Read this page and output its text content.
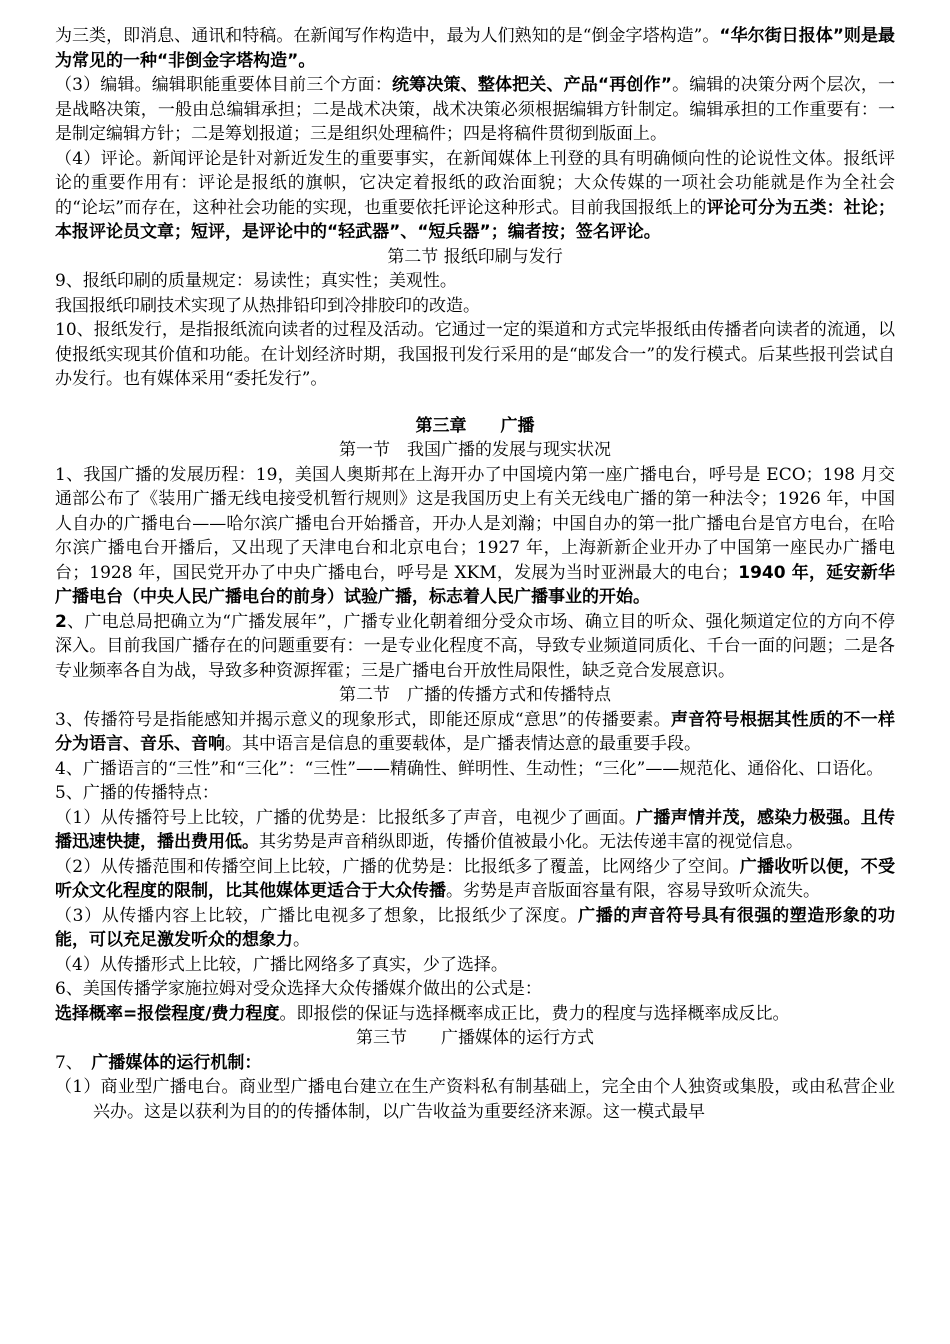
为三类，即消息、通讯和特稿。在新闻写作构造中，最为人们熟知的是“倒金字塔构造”。“华尔街日报体”则是最为常见的一种“非倒金字塔构造”。

（3）编辑。编辑职能重要体目前三个方面：统筹决策、整体把关、产品“再创作”。编辑的决策分两个层次，一是战略决策，一般由总编辑承担；二是战术决策，战术决策必须根据编辑方针制定。编辑承担的工作重要有：一是制定编辑方针；二是筹划报道；三是组织处理稿件；四是将稿件贯彻到版面上。

（4）评论。新闻评论是针对新近发生的重要事实，在新闻媒体上刊登的具有明确倾向性的论说性文体。报纸评论的重要作用有：评论是报纸的旗帜，它决定着报纸的政治面貌；大众传媒的一项社会功能就是作为全社会的“论坛”而存在，这种社会功能的实现，也重要依托评论这种形式。目前我国报纸上的评论可分为五类：社论；本报评论员文章；短评，是评论中的“轻武器”、“短兵器”；编者按；签名评论。

第二节 报纸印刷与发行

9、报纸印刷的质量规定：易读性；真实性；美观性。

我国报纸印刷技术实现了从热排铅印到冷排胶印的改造。

10、报纸发行，是指报纸流向读者的过程及活动。它通过一定的渠道和方式完毕报纸由传播者向读者的流通，以使报纸实现其价值和功能。在计划经济时期，我国报刊发行采用的是“邮发合一”的发行模式。后某些报刊尝试自办发行。也有媒体采用“委托发行”。

第三章　　广播

第一节　我国广播的发展与现实状况

1、我国广播的发展历程：19，美国人奥斯邦在上海开办了中国境内第一座广播电台，呼号是 ECO；198 月交通部公布了《装用广播无线电接受机暂行规则》这是我国历史上有关无线电广播的第一种法令；1926 年，中国人自办的广播电台——哈尔滨广播电台开始播音，开办人是刘瀚；中国自办的第一批广播电台是官方电台，在哈尔滨广播电台开播后，又出现了天津电台和北京电台；1927 年，上海新新企业开办了中国第一座民办广播电台；1928 年，国民党开办了中央广播电台，呼号是 XKM，发展为当时亚洲最大的电台；1940 年，延安新华广播电台（中央人民广播电台的前身）试验广播，标志着人民广播事业的开始。

2、广电总局把确立为“广播发展年”，广播专业化朝着细分受众市场、确立目的听众、强化频道定位的方向不停深入。目前我国广播存在的问题重要有：一是专业化程度不高，导致专业频道同质化、千台一面的问题；二是各专业频率各自为战，导致多种资源挥霍；三是广播电台开放性局限性，缺乏竞合发展意识。

第二节　广播的传播方式和传播特点

3、传播符号是指能感知并揭示意义的现象形式，即能还原成“意思”的传播要素。声音符号根据其性质的不一样分为语言、音乐、音响。其中语言是信息的重要载体，是广播表情达意的最重要手段。

4、广播语言的“三性”和“三化”：“三性”——精确性、鲜明性、生动性；“三化”——规范化、通俗化、口语化。

5、广播的传播特点：

（1）从传播符号上比较，广播的优势是：比报纸多了声音，电视少了画面。广播声情并茂，感染力极强。且传播迅速快捷，播出费用低。其劣势是声音稍纵即逝，传播价值被最小化。无法传递丰富的视觉信息。

（2）从传播范围和传播空间上比较，广播的优势是：比报纸多了覆盖，比网络少了空间。广播收听以便，不受听众文化程度的限制，比其他媒体更适合于大众传播。劣势是声音版面容量有限，容易导致听众流失。

（3）从传播内容上比较，广播比电视多了想象，比报纸少了深度。广播的声音符号具有很强的塑造形象的功能，可以充足激发听众的想象力。

（4）从传播形式上比较，广播比网络多了真实，少了选择。

6、美国传播学家施拉姆对受众选择大众传播媒介做出的公式是：

选择概率=报偿程度/费力程度。即报偿的保证与选择概率成正比，费力的程度与选择概率成反比。

第三节　　广播媒体的运行方式

7、　广播媒体的运行机制：

（1）商业型广播电台。商业型广播电台建立在生产资料私有制基础上，完全由个人独资或集股，或由私营企业兴办。这是以获利为目的的传播体制，以广告收益为重要经济来源。这一模式最早
